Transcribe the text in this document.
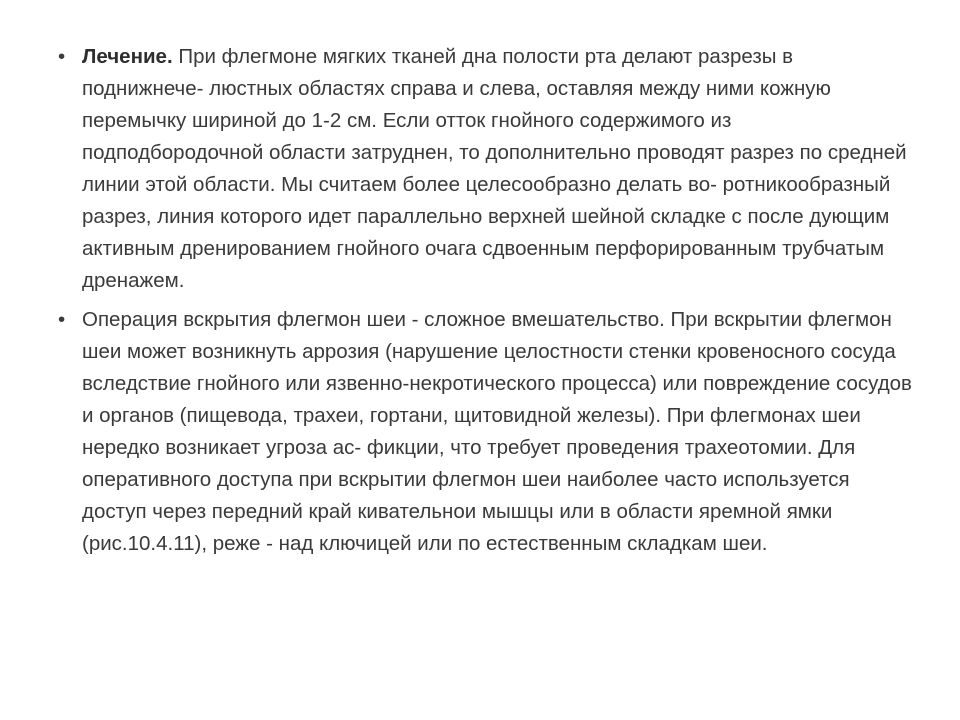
• Лечение. При флегмоне мягких тканей дна полости рта делают разрезы в поднижнече- люстных областях справа и слева, оставляя между ними кожную перемычку шириной до 1-2 см. Если отток гнойного содержимого из подподбородочной области затруднен, то дополнительно проводят разрез по средней линии этой области. Мы считаем более целесообразно делать во- ротникообразный разрез, линия которого идет параллельно верхней шейной складке с после дующим активным дренированием гнойного очага сдвоенным перфорированным трубчатым дренажем.
• Операция вскрытия флегмон шеи - сложное вмешательство. При вскрытии флегмон шеи может возникнуть аррозия (нарушение целостности стенки кровеносного сосуда вследствие гнойного или язвенно-некротического процесса) или повреждение сосудов и органов (пищевода, трахеи, гортани, щитовидной железы). При флегмонах шеи нередко возникает угроза ас- фикции, что требует проведения трахеотомии. Для оперативного доступа при вскрытии флегмон шеи наиболее часто используется доступ через передний край кивательнои мышцы или в области яремной ямки (рис.10.4.11), реже - над ключицей или по естественным складкам шеи.
